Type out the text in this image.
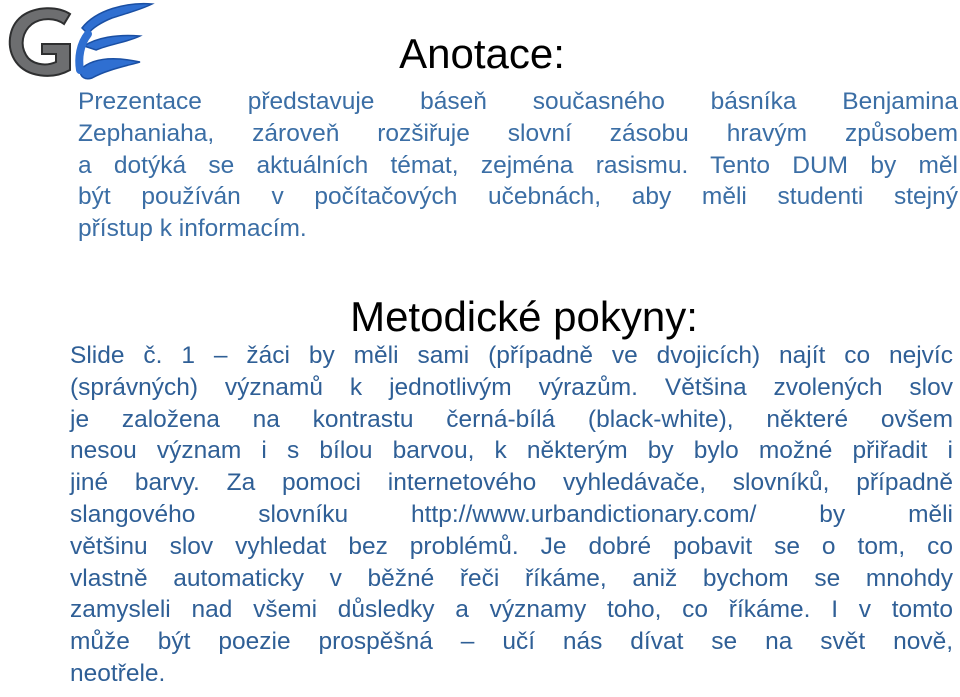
Anotace:
Prezentace představuje báseň současného básníka Benjamina
Zephaniaha, zároveň rozšiřuje slovní zásobu hravým způsobem
a dotýká se aktuálních témat, zejména rasismu. Tento DUM by měl
být používán v počítačových učebnách, aby měli studenti stejný
přístup k informacím.
Metodické pokyny:
Slide č. 1 – žáci by měli sami (případně ve dvojicích) najít co nejvíc
(správných) významů k jednotlivým výrazům. Většina zvolených slov
je založena na kontrastu černá-bílá (black-white), některé ovšem
nesou význam i s bílou barvou, k některým by bylo možné přiřadit i
jiné barvy. Za pomoci internetového vyhledávače, slovníků, případně
slangového slovníku http://www.urbandictionary.com/ by měli
většinu slov vyhledat bez problémů. Je dobré pobavit se o tom, co
vlastně automaticky v běžné řeči říkáme, aniž bychom se mnohdy
zamysleli nad všemi důsledky a významy toho, co říkáme. I v tomto
může být poezie prospěšná – učí nás dívat se na svět nově,
neotřele.
